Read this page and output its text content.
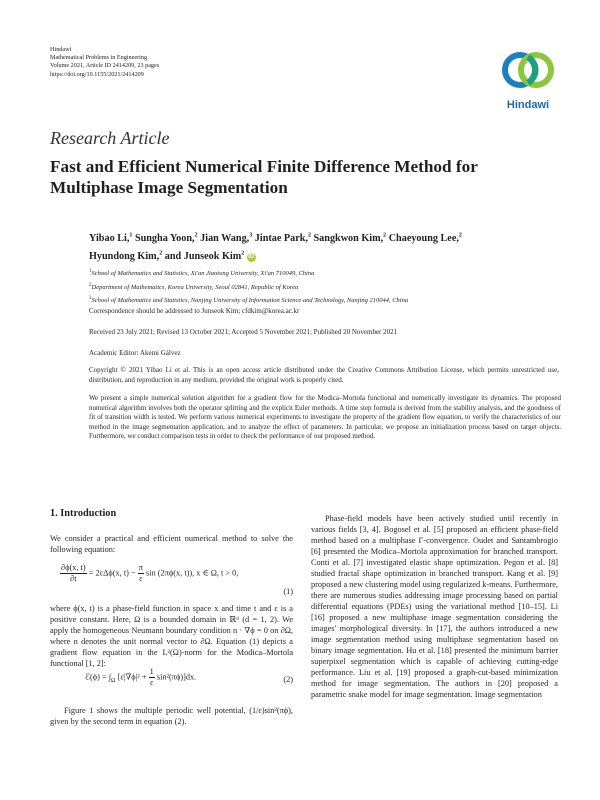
Hindawi
Mathematical Problems in Engineering
Volume 2021, Article ID 2414209, 23 pages
https://doi.org/10.1155/2021/2414209
Hindawi
Research Article
Fast and Efficient Numerical Finite Difference Method for Multiphase Image Segmentation
Yibao Li,$^1$ Sungha Yoon,$^2$ Jian Wang,$^3$ Jintae Park,$^2$ Sangkwon Kim,$^2$ Chaeyoung Lee,$^2$
Hyundong Kim,$^2$ and Junseok Kim$^2$ iD
$^1$School of Mathematics and Statistics, Xi'an Jiaotong University, Xi'an 710049, China
$^2$Department of Mathematics, Korea University, Seoul 02841, Republic of Korea
$^3$School of Mathematics and Statistics, Nanjing University of Information Science and Technology, Nanjing 210044, China
Correspondence should be addressed to Junseok Kim; cfdkim@korea.ac.kr
Received 23 July 2021; Revised 13 October 2021; Accepted 5 November 2021; Published 20 November 2021
Academic Editor: Akemi Gálvez
Copyright © 2021 Yibao Li et al. This is an open access article distributed under the Creative Commons Attribution License, which permits unrestricted use, distribution, and reproduction in any medium, provided the original work is properly cited.
We present a simple numerical solution algorithm for a gradient flow for the Modica–Mortola functional and numerically investigate its dynamics. The proposed numerical algorithm involves both the operator splitting and the explicit Euler methods. A time step formula is derived from the stability analysis, and the goodness of fit of transition width is tested. We perform various numerical experiments to investigate the property of the gradient flow equation, to verify the characteristics of our method in the image segmentation application, and to analyze the effect of parameters. In particular, we propose an initialization process based on target objects. Furthermore, we conduct comparison tests in order to check the performance of our proposed method.
1. Introduction
We consider a practical and efficient numerical method to solve the following equation:
$\frac{\partial\phi(x, t)}{\partial t} = 2\varepsilon\Delta\phi(x$, $t) - \frac{\pi}{\varepsilon}$ sin (2πϕ(x, t)), x ∈ Ω, t > 0,
(1)
where ϕ(x, t) is a phase-field function in space x and time t and ε is a positive constant. Here, Ω is a bounded domain in ℝᵈ (d = 1, 2). We apply the homogeneous Neumann boundary condition n · ∇ϕ = 0 on ∂Ω, where n denotes the unit normal vector to ∂Ω. Equation (1) depicts a gradient flow equation in the L²(Ω)-norm for the Modica–Mortola functional [1, 2]:
ℰ(ϕ) = $\int_\Omega$ $[\varepsilon|\nabla\phi|^2 + \frac{1}{\varepsilon} \sin^2(\pi\phi)]dx$.	(2)
Figure 1 shows the multiple periodic well potential, (1/ε)sin²(πϕ), given by the second term in equation (2).
Phase-field models have been actively studied until recently in various fields [3, 4]. Bogosel et al. [5] proposed an efficient phase-field method based on a multiphase Γ-convergence. Oudet and Santambrogio [6] presented the Modica–Mortola approximation for branched transport. Conti et al. [7] investigated elastic shape optimization. Pegon et al. [8] studied fractal shape optimization in branched transport. Kang et al. [9] proposed a new clustering model using regularized k-means. Furthermore, there are numerous studies addressing image processing based on partial differential equations (PDEs) using the variational method [10–15]. Li [16] proposed a new multiphase image segmentation considering the images' morphological diversity. In [17], the authors introduced a new image segmentation method using multiphase segmentation based on binary image segmentation. Hu et al. [18] presented the minimum barrier superpixel segmentation which is capable of achieving cutting-edge performance. Liu et al. [19] proposed a graph-cut-based minimization method for image segmentation. The authors in [20] proposed a parametric snake model for image segmentation. Image segmentation
